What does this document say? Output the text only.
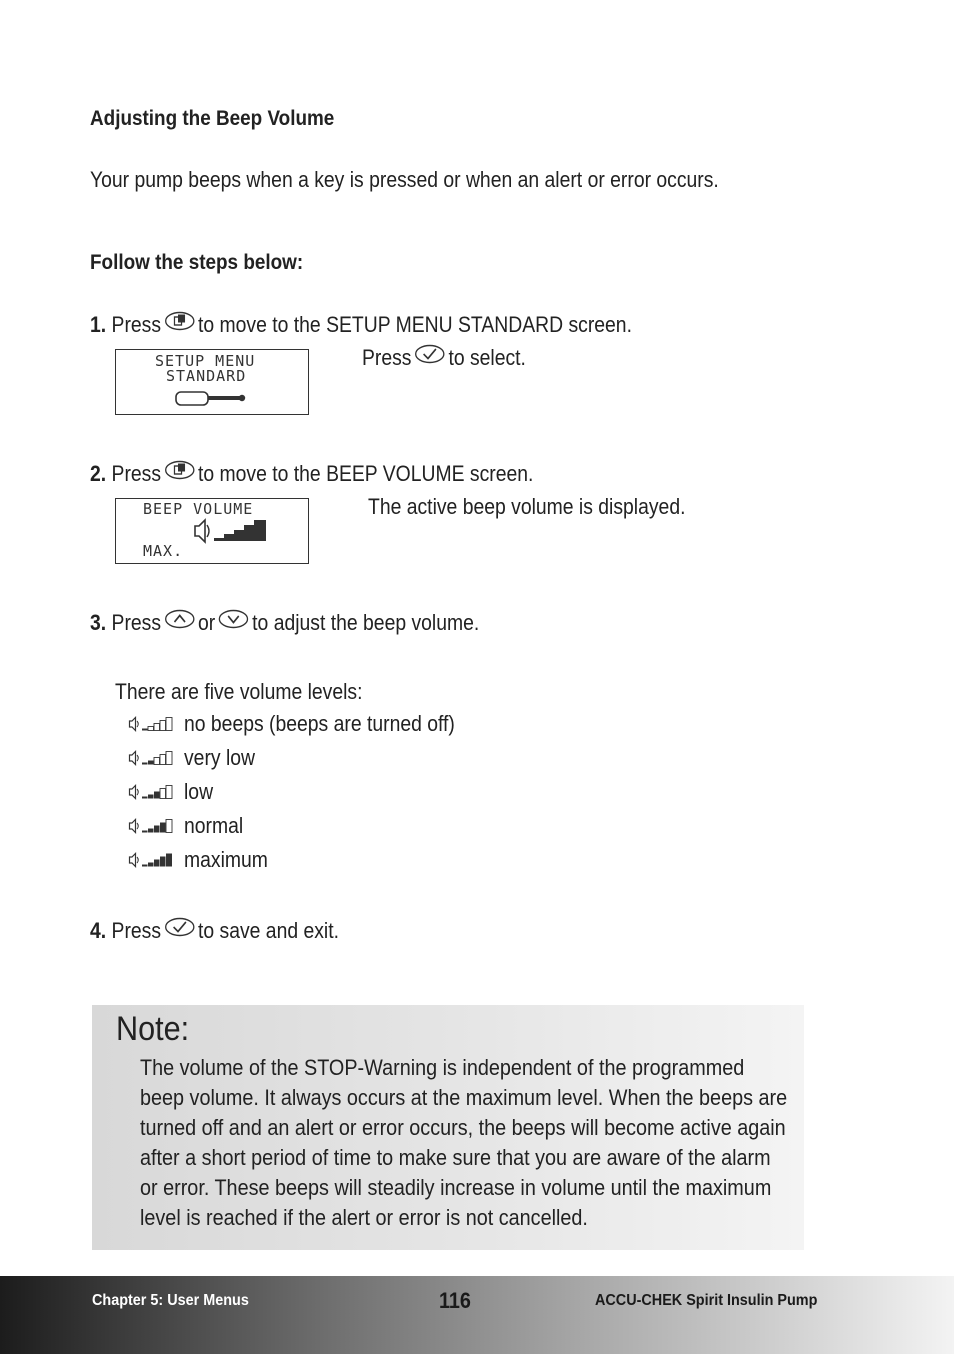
Adjusting the Beep Volume
Your pump beeps when a key is pressed or when an alert or error occurs.
Follow the steps below:
1. Press to move to the SETUP MENU STANDARD screen.
SETUP MENU
STANDARD
Press to select.
2. Press to move to the BEEP VOLUME screen.
BEEP VOLUME
MAX.
The active beep volume is displayed.
3. Press or to adjust the beep volume.
There are five volume levels:
no beeps (beeps are turned off)
very low
low
normal
maximum
4. Press to save and exit.
Note:
The volume of the STOP-Warning is independent of the programmed beep volume. It always occurs at the maximum level. When the beeps are turned off and an alert or error occurs, the beeps will become active again after a short period of time to make sure that you are aware of the alarm or error. These beeps will steadily increase in volume until the maximum level is reached if the alert or error is not cancelled.
Chapter 5: User Menus	116	ACCU-CHEK Spirit Insulin Pump
